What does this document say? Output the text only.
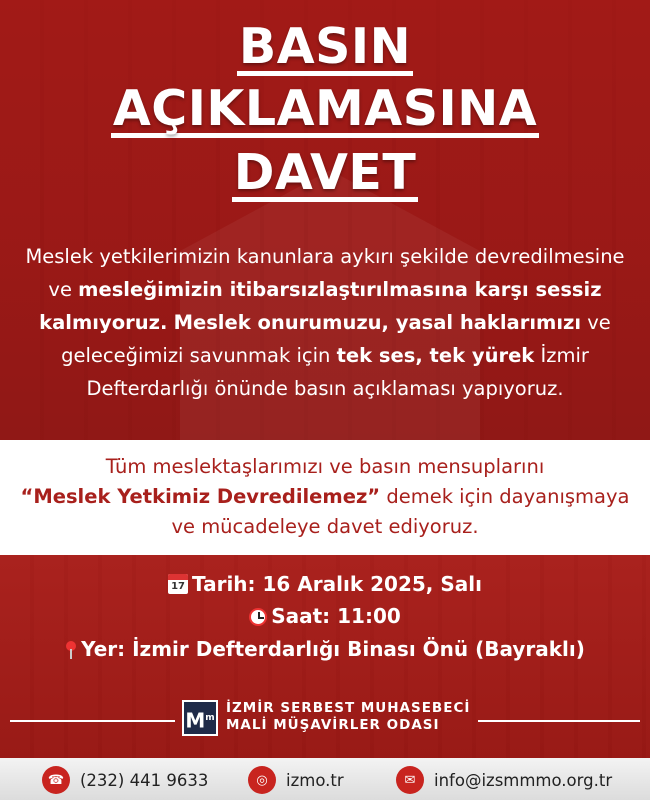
BASIN
AÇIKLAMASINA
DAVET
Meslek yetkilerimizin kanunlara aykırı şekilde devredilmesine ve mesleğimizin itibarsızlaştırılmasına karşı sessiz kalmıyoruz. Meslek onurumuzu, yasal haklarımızı ve geleceğimizi savunmak için tek ses, tek yürek İzmir Defterdarlığı önünde basın açıklaması yapıyoruz.
Tüm meslektaşlarımızı ve basın mensuplarını
“Meslek Yetkimiz Devredilemez” demek için dayanışmaya ve mücadeleye davet ediyoruz.
17 Tarih: 16 Aralık 2025, Salı
Saat: 11:00
Yer: İzmir Defterdarlığı Binası Önü (Bayraklı)
$M^m$
İZMİR SERBEST MUHASEBECİ
MALİ MÜŞAVİRLER ODASI
☎ (232) 441 9633	◎	izmo.tr	✉	info@izsmmmo.org.tr
